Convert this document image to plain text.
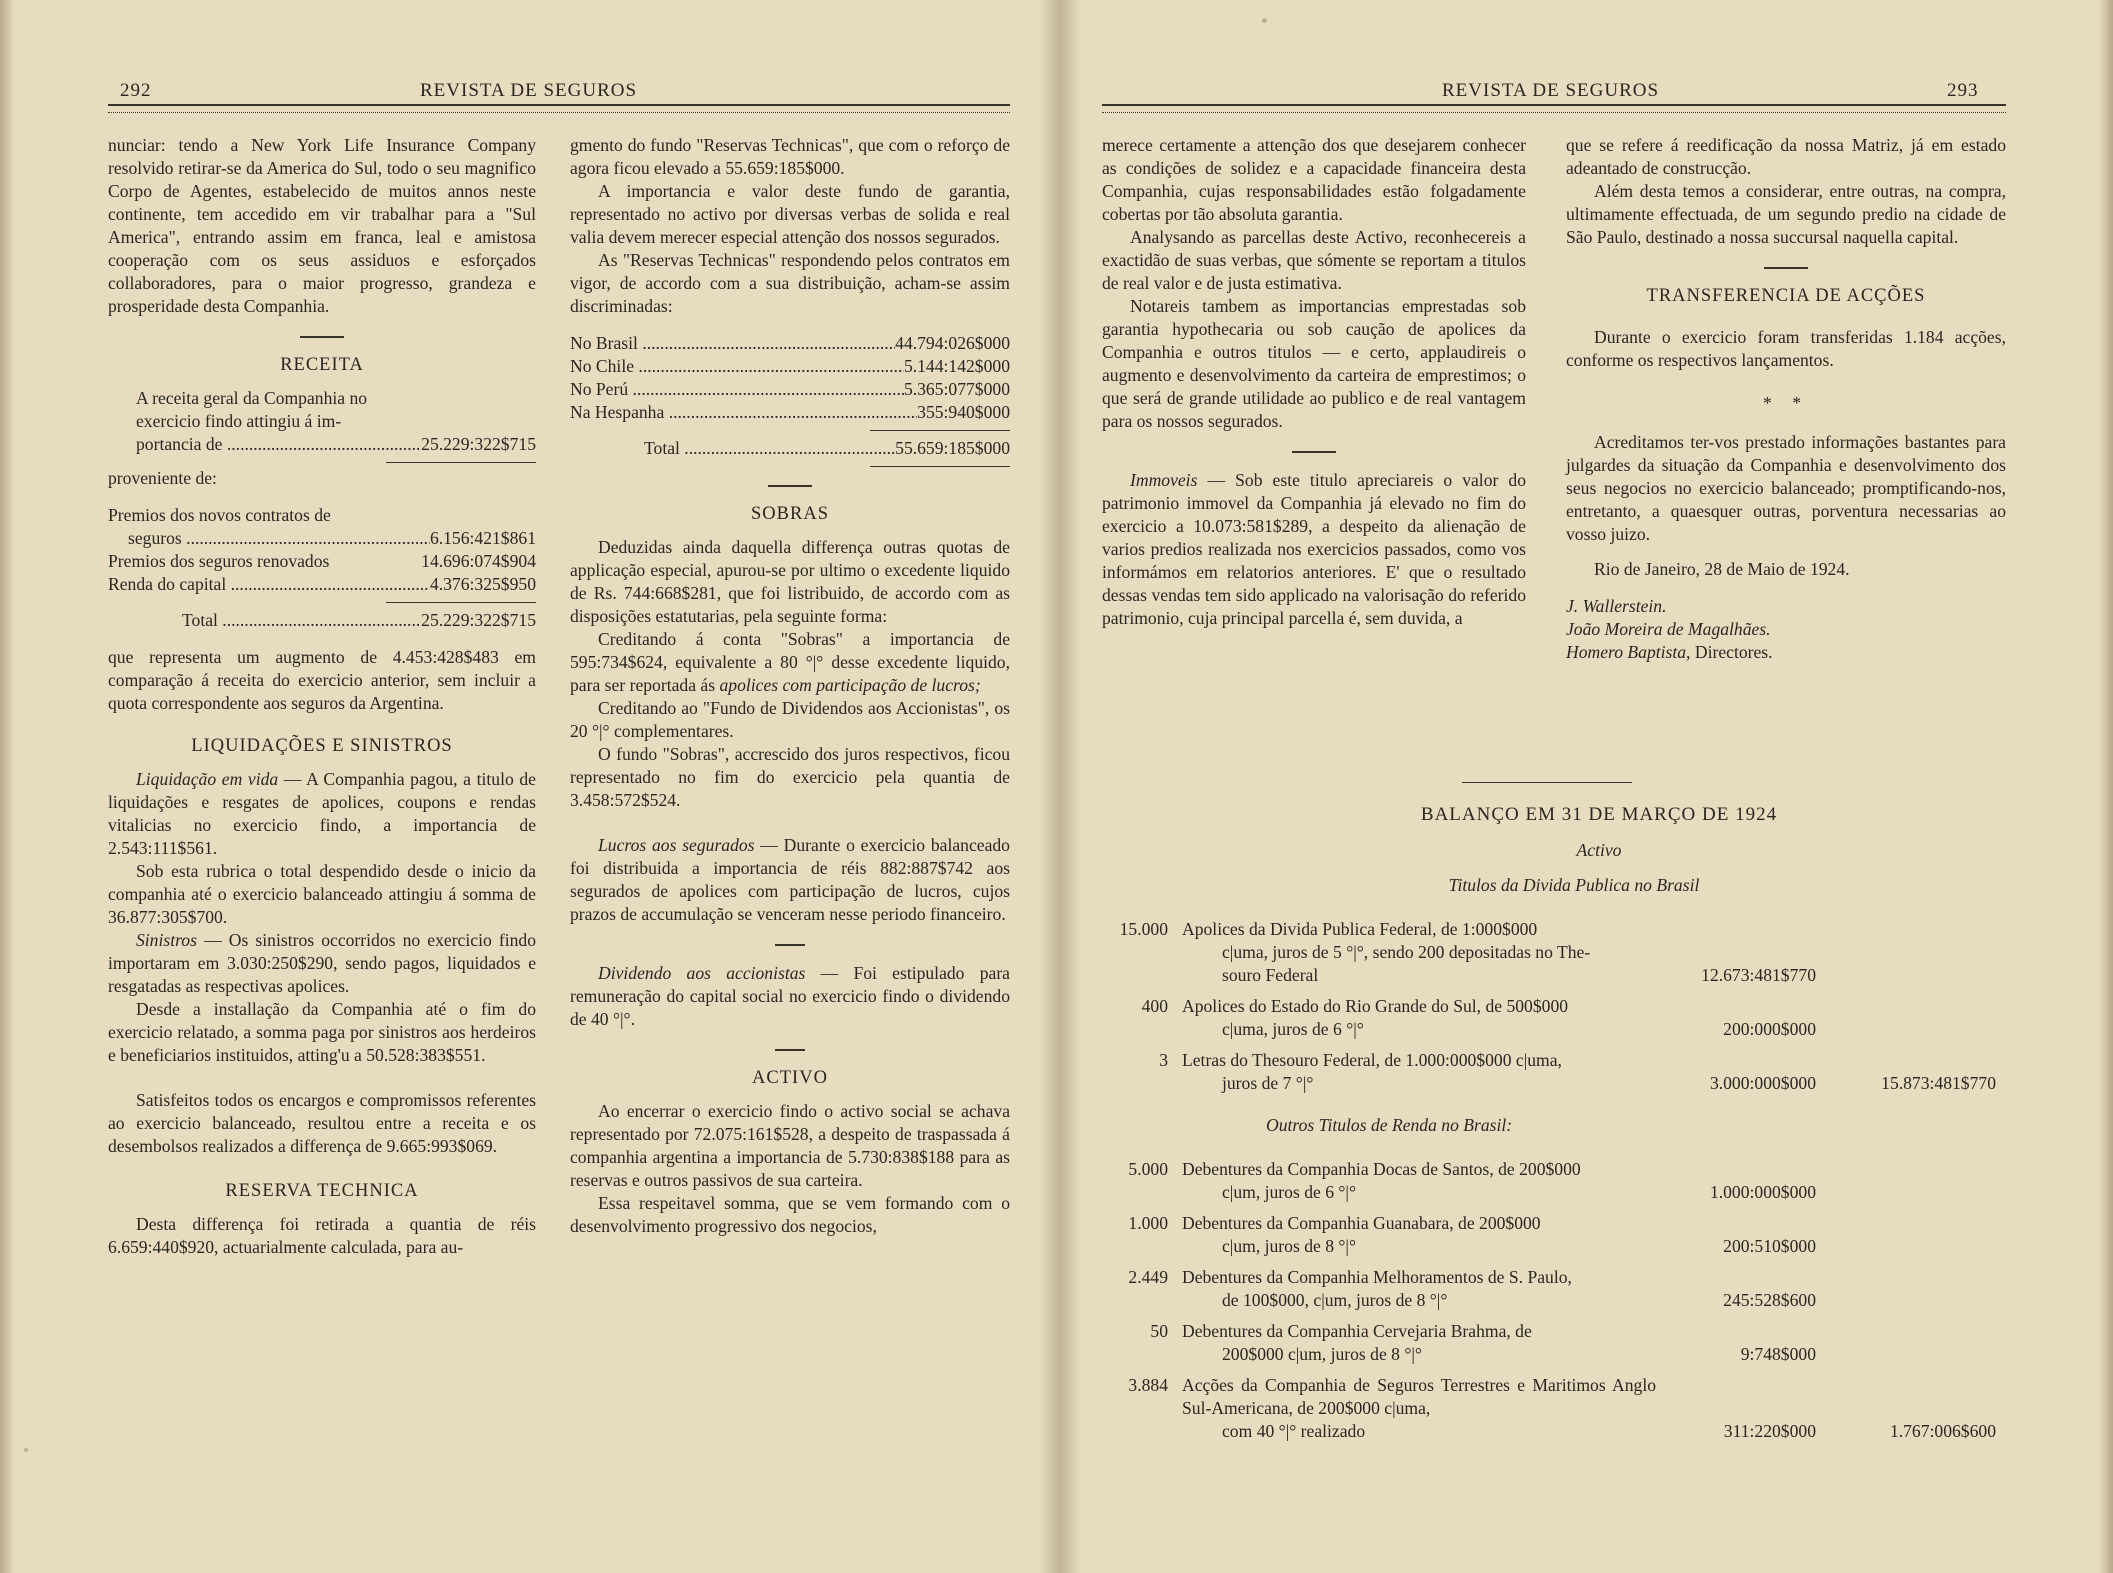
292	REVISTA DE SEGUROS

nunciar: tendo a New York Life Insurance Company resolvido retirar-se da America do Sul, todo o seu magnifico Corpo de Agentes, estabelecido de muitos annos neste continente, tem accedido em vir trabalhar para a "Sul America", entrando assim em franca, leal e amistosa cooperação com os seus assiduos e esforçados collaboradores, para o maior progresso, grandeza e prosperidade desta Companhia.

RECEITA

A receita geral da Companhia no

exercicio findo attingiu á im-

portancia de .....	25.229:322$715

proveniente de:

Premios dos novos contratos de

seguros .....	6.156:421$861
Premios dos seguros renovados	14.696:074$904
Renda do capital .....	4.376:325$950
Total .....	25.229:322$715

que representa um augmento de 4.453:428$483 em comparação á receita do exercicio anterior, sem incluir a quota correspondente aos seguros da Argentina.

LIQUIDAÇÕES E SINISTROS

Liquidação em vida — A Companhia pagou, a titulo de liquidações e resgates de apolices, coupons e rendas vitalicias no exercicio findo, a importancia de 2.543:111$561.

Sob esta rubrica o total despendido desde o inicio da companhia até o exercicio balanceado attingiu á somma de 36.877:305$700.

Sinistros — Os sinistros occorridos no exercicio findo importaram em 3.030:250$290, sendo pagos, liquidados e resgatadas as respectivas apolices.

Desde a installação da Companhia até o fim do exercicio relatado, a somma paga por sinistros aos herdeiros e beneficiarios instituidos, atting'u a 50.528:383$551.

Satisfeitos todos os encargos e compromissos referentes ao exercicio balanceado, resultou entre a receita e os desembolsos realizados a differença de 9.665:993$069.

RESERVA TECHNICA

Desta differença foi retirada a quantia de réis 6.659:440$920, actuarialmente calculada, para au-

gmento do fundo "Reservas Technicas", que com o reforço de agora ficou elevado a 55.659:185$000.

A importancia e valor deste fundo de garantia, representado no activo por diversas verbas de solida e real valia devem merecer especial attenção dos nossos segurados.

As "Reservas Technicas" respondendo pelos contratos em vigor, de accordo com a sua distribuição, acham-se assim discriminadas:

No Brasil .....	44.794:026$000
No Chile .....	5.144:142$000
No Perú .....	5.365:077$000
Na Hespanha .....	355:940$000
Total .....	55.659:185$000
SOBRAS

Deduzidas ainda daquella differença outras quotas de applicação especial, apurou-se por ultimo o excedente liquido de Rs. 744:668$281, que foi listribuido, de accordo com as disposições estatutarias, pela seguinte forma:

Creditando á conta "Sobras" a importancia de 595:734$624, equivalente a 80 °|° desse excedente liquido, para ser reportada ás apolices com participação de lucros;

Creditando ao "Fundo de Dividendos aos Accionistas", os 20 °|° complementares.

O fundo "Sobras", accrescido dos juros respectivos, ficou representado no fim do exercicio pela quantia de 3.458:572$524.

Lucros aos segurados — Durante o exercicio balanceado foi distribuida a importancia de réis 882:887$742 aos segurados de apolices com participação de lucros, cujos prazos de accumulação se venceram nesse periodo financeiro.

Dividendo aos accionistas — Foi estipulado para remuneração do capital social no exercicio findo o dividendo de 40 °|°.

ACTIVO

Ao encerrar o exercicio findo o activo social se achava representado por 72.075:161$528, a despeito de traspassada á companhia argentina a importancia de 5.730:838$188 para as reservas e outros passivos de sua carteira.

Essa respeitavel somma, que se vem formando com o desenvolvimento progressivo dos negocios,

REVISTA DE SEGUROS	293

merece certamente a attenção dos que desejarem conhecer as condições de solidez e a capacidade financeira desta Companhia, cujas responsabilidades estão folgadamente cobertas por tão absoluta garantia.

Analysando as parcellas deste Activo, reconhecereis a exactidão de suas verbas, que sómente se reportam a titulos de real valor e de justa estimativa.

Notareis tambem as importancias emprestadas sob garantia hypothecaria ou sob caução de apolices da Companhia e outros titulos — e certo, applaudireis o augmento e desenvolvimento da carteira de emprestimos; o que será de grande utilidade ao publico e de real vantagem para os nossos segurados.

Immoveis — Sob este titulo apreciareis o valor do patrimonio immovel da Companhia já elevado no fim do exercicio a 10.073:581$289, a despeito da alienação de varios predios realizada nos exercicios passados, como vos informámos em relatorios anteriores. E' que o resultado dessas vendas tem sido applicado na valorisação do referido patrimonio, cuja principal parcella é, sem duvida, a

que se refere á reedificação da nossa Matriz, já em estado adeantado de construcção.

Além desta temos a considerar, entre outras, na compra, ultimamente effectuada, de um segundo predio na cidade de São Paulo, destinado a nossa succursal naquella capital.

TRANSFERENCIA DE ACÇÕES

Durante o exercicio foram transferidas 1.184 acções, conforme os respectivos lançamentos.

* *

Acreditamos ter-vos prestado informações bastantes para julgardes da situação da Companhia e desenvolvimento dos seus negocios no exercicio balanceado; promptificando-nos, entretanto, a quaesquer outras, porventura necessarias ao vosso juizo.

Rio de Janeiro, 28 de Maio de 1924.

J. Wallerstein.

João Moreira de Magalhães.

Homero Baptista, Directores.

BALANÇO EM 31 DE MARÇO DE 1924
Activo
Titulos da Divida Publica no Brasil
15.000 Apolices da Divida Publica Federal, de 1:000$000
c|uma, juros de 5 °|°, sendo 200 depositadas no The-
souro Federal	12.673:481$770
400 Apolices do Estado do Rio Grande do Sul, de 500$000
c|uma, juros de 6 °|°	200:000$000
3 Letras do Thesouro Federal, de 1.000:000$000 c|uma,
juros de 7 °|°	3.000:000$000	15.873:481$770
Outros Titulos de Renda no Brasil:
5.000 Debentures da Companhia Docas de Santos, de 200$000
c|um, juros de 6 °|°	1.000:000$000
1.000 Debentures da Companhia Guanabara, de 200$000
c|um, juros de 8 °|°	200:510$000
2.449 Debentures da Companhia Melhoramentos de S. Paulo,
de 100$000, c|um, juros de 8 °|°	245:528$600
50 Debentures da Companhia Cervejaria Brahma, de
200$000 c|um, juros de 8 °|°	9:748$000
3.884 Acções da Companhia de Seguros Terrestres e Maritimos Anglo Sul-Americana, de 200$000 c|uma,
com 40 °|° realizado	311:220$000	1.767:006$600
